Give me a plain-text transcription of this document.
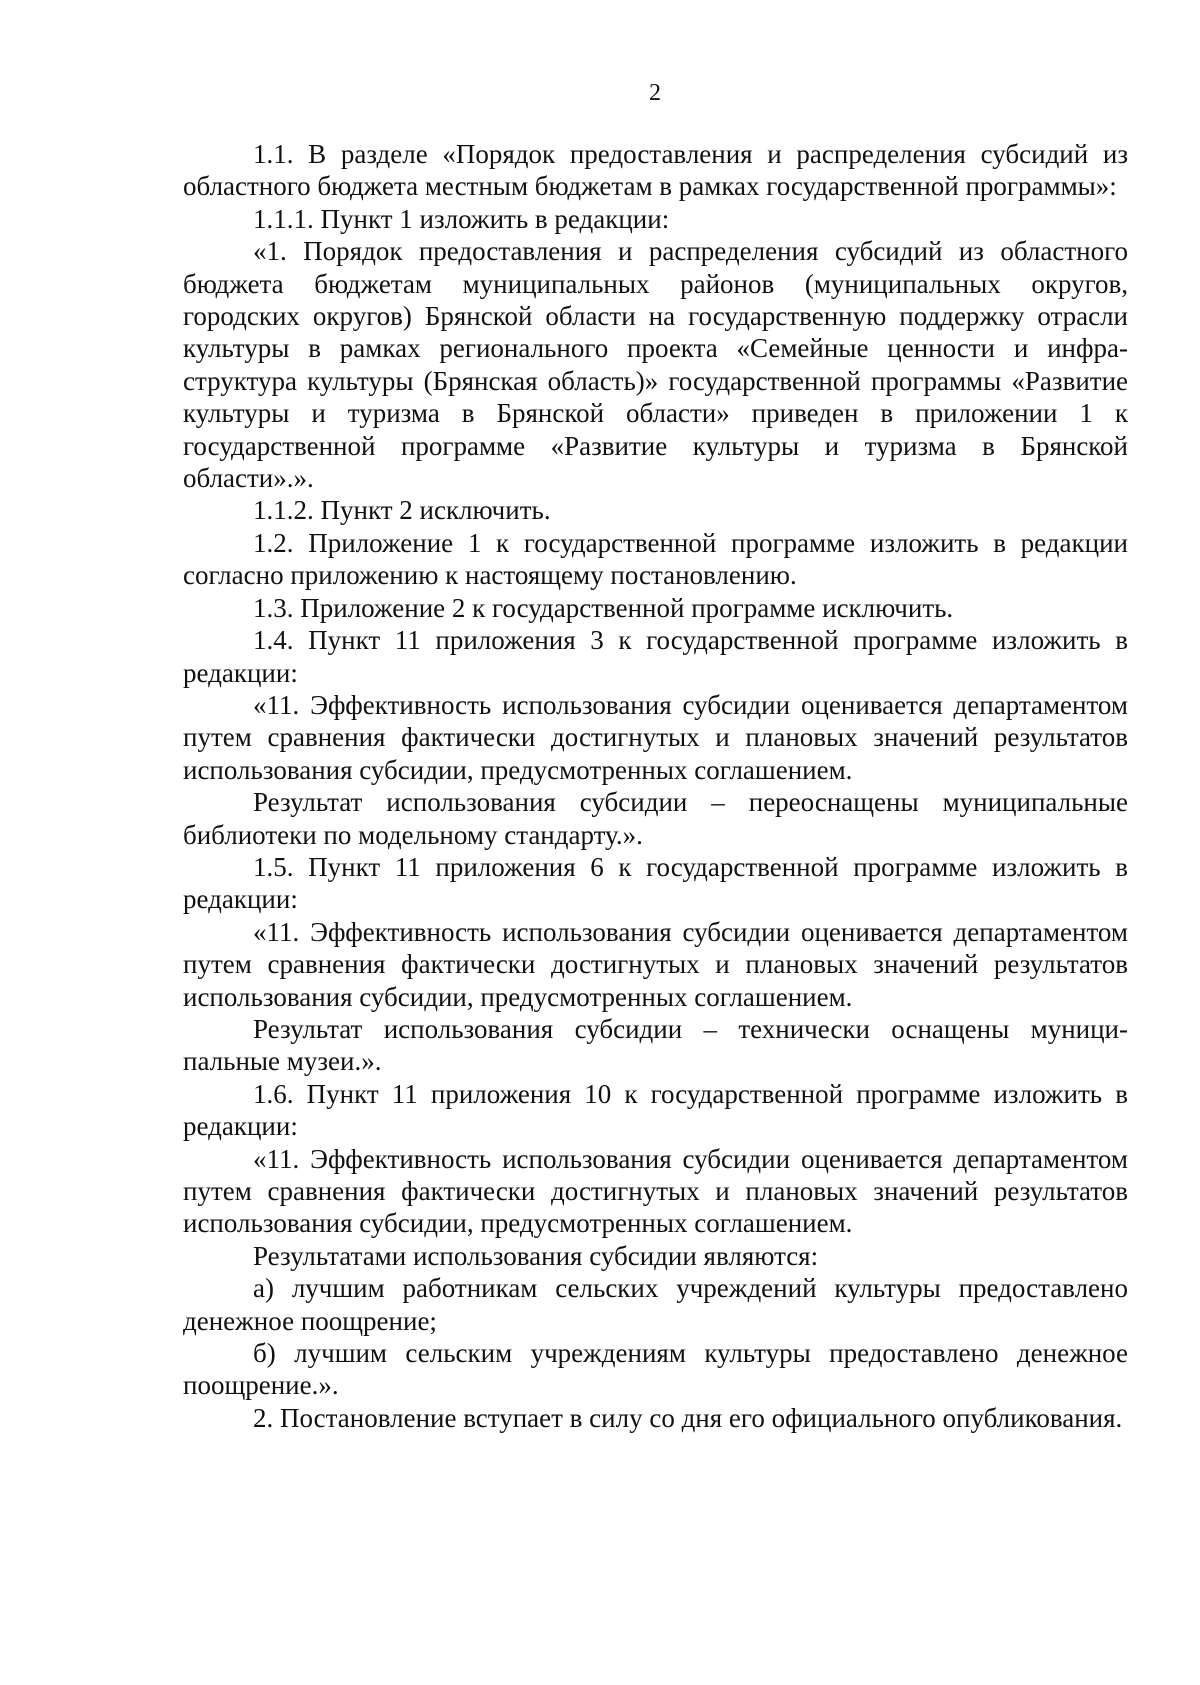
2

1.1. В разделе «Порядок предоставления и распределения субсидий из областного бюджета местным бюджетам в рамках государственной программы»:

1.1.1. Пункт 1 изложить в редакции:

«1. Порядок предоставления и распределения субсидий из областного бюджета бюджетам муниципальных районов (муниципальных округов, городских округов) Брянской области на государственную поддержку отрасли культуры в рамках регионального проекта «Семейные ценности и инфраструктура культуры (Брянская область)» государственной программы «Развитие культуры и туризма в Брянской области» приведен в приложении 1 к государственной программе «Развитие культуры и туризма в Брянской области».».

1.1.2. Пункт 2 исключить.

1.2. Приложение 1 к государственной программе изложить в редакции согласно приложению к настоящему постановлению.

1.3. Приложение 2 к государственной программе исключить.

1.4. Пункт 11 приложения 3 к государственной программе изложить в редакции:

«11. Эффективность использования субсидии оценивается департаментом путем сравнения фактически достигнутых и плановых значений результатов использования субсидии, предусмотренных соглашением.

Результат использования субсидии – переоснащены муниципальные библиотеки по модельному стандарту.».

1.5. Пункт 11 приложения 6 к государственной программе изложить в редакции:

«11. Эффективность использования субсидии оценивается департаментом путем сравнения фактически достигнутых и плановых значений результатов использования субсидии, предусмотренных соглашением.

Результат использования субсидии – технически оснащены муниципальные музеи.».

1.6. Пункт 11 приложения 10 к государственной программе изложить в редакции:

«11. Эффективность использования субсидии оценивается департаментом путем сравнения фактически достигнутых и плановых значений результатов использования субсидии, предусмотренных соглашением.

Результатами использования субсидии являются:

а) лучшим работникам сельских учреждений культуры предоставлено денежное поощрение;

б) лучшим сельским учреждениям культуры предоставлено денежное поощрение.».

2. Постановление вступает в силу со дня его официального опубликования.
